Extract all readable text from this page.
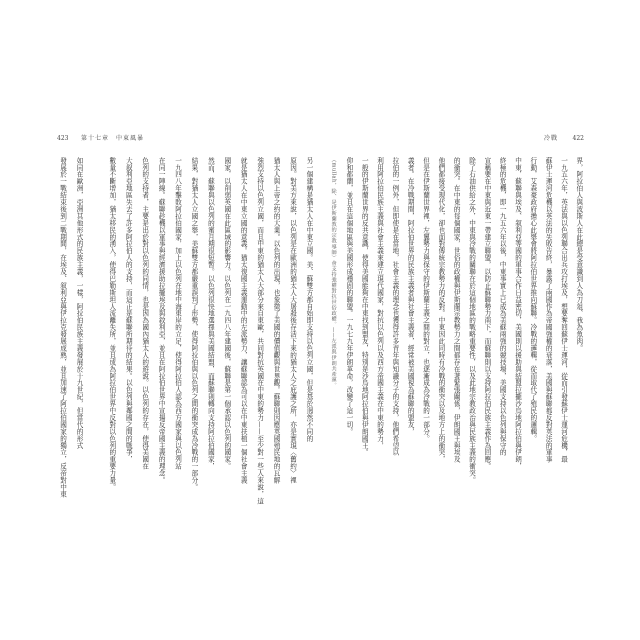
423 第十七章　中東風暴
另一個建構是猶太人在中東立國。美、蘇雙方都自始即支持以色列立國，但是基於迥然不同的
原因。對美方來說，以色列是在歐洲的猶太人大屠殺後存活下來的猶太人之庇護之所，亦是實現〈舊約〉裡
猶太人與上帝之約的大業。以色列的出現，也象徵了美國的價值觀與世界觀。蘇聯則因應英國殖民地的瓦解
強烈支持以色列立國，而且中東的猶太人大部分來自東歐，共同對抗英國在中東的勢力——至少對一些人來說，這
就是猶太人在中東立國的意義。猶太復國主義運動中的左派勢力，讓蘇聯認為可以在中東扶植一個社會主義
國家，以削弱英國在此區域的影響力。以色列在一九四八年建國後，蘇聯是第一個承認以色列的國家。
然而，蘇聯與以色列的蜜月期很短暫。以色列很快地選擇與美國結盟，而蘇聯則轉向支持阿拉伯國家，
結果，對猶太人立國之舉，美蘇雙方都嚴重誤判了形勢，使得阿拉伯與以色列之間的衝突成為冷戰的一部分。
一九四八年擊敗阿拉伯國家，加上以色列在地中海東岸的立足，使得阿拉伯人認為西方國家與以色列站
在同一陣線。蘇聯趁機以軍事與經濟援助拉攏埃及與敘利亞，並且在阿拉伯世界中宣揚反帝國主義的理念。
色列的支持者，主要是出於對以色列的同情，也是因為國內猶太人的遊說。以色列的存在，使得美國在
大叙利亞地區失去了許多阿拉伯人的支持，而這正是蘇聯所期待的結果。以色列與鄰國之間的戰爭，
數量不斷增加，猶太移民的湧入，使得巴勒斯坦人流離失所，並且成為阿拉伯世界中反對以色列的重要力量。
如同在歐洲，亞洲其他形式的民族主義，一樣，阿拉伯民族主義發展於十九世紀，但當代的形式
發展於一戰結束後到二戰期間，在埃及、叙利亞與伊拉克發展成熟，並且加速了阿拉伯國家的獨立，反帝對中東
冷戰 422
界，阿拉伯人與波斯人在此總是受意識到人為刀俎、我為魚肉。
一九五六年，英法與以色列聯合出兵攻打埃及，想要奪回蘇伊士運河，從而引發蘇伊士運河危機，最
蘇伊士運河危機以英法的失敗告終，暴露了兩國作為帝國強權的衰落，美國與蘇聯都反對英法的軍事
行動，艾森豪政府擔心此舉會將阿拉伯世界推向蘇聯。冷戰的邏輯，從而取代了殖民的邏輯。
中東，蘇聯與埃及、叙利亞等國的軍事合作日益密切，美國則以援助與結盟拉攏沙烏地阿拉伯與伊朗，
終極的危機，即一九五六年以後，中東事實上已成為美蘇兩強的競技場，美國支持以色列與保守的
宣稱要在中東與近東一帶建立聯盟，以防止蘇聯勢力南下，而蘇聯則以支持阿拉伯民族主義作為回應。
除了石油供給之外，中東與冷戰的關聯在於這個地區的戰略重要性，以及此地宗教政治與民族主義的衝突。
的衝突。在中東的每個國家，世俗的政權與伊斯蘭宗教勢力之間都存在著緊張關係，伊朗國王與埃及
他們都接受現代化，卻也面對傳統宗教勢力的反對。中東因此同時有冷戰的衝突以及地方上的衝突，
但是在伊斯蘭世界裡，左翼勢力與保守的伊斯蘭主義之間的對立，也逐漸成為冷戰的一部分。
義者。在冷戰期間，阿拉伯世界的民族主義者與社會主義者，經常被美國視為蘇聯的盟友，
拉伯的一例外，但即使是在當地，社會主義的理念也獲得許多青年與知識分子的支持，他們希望以
利用阿拉伯民族主義與社會主義來建立現代國家，對抗以色列以及西方帝國主義在中東的勢力，
一般的伊斯蘭世界的反共意識，使得美國能夠在中東找到盟友，特別是沙烏地阿拉伯與伊朗國王。
仰和都蘭，並且在這個地區與美國形成穩固的聯盟。一九七九年伊朗革命，改變了這一切。
（mullah，除、是伊斯蘭教的宗教導師）會支持強權對抗世俗政權。——左派與伊朗共產黨。
